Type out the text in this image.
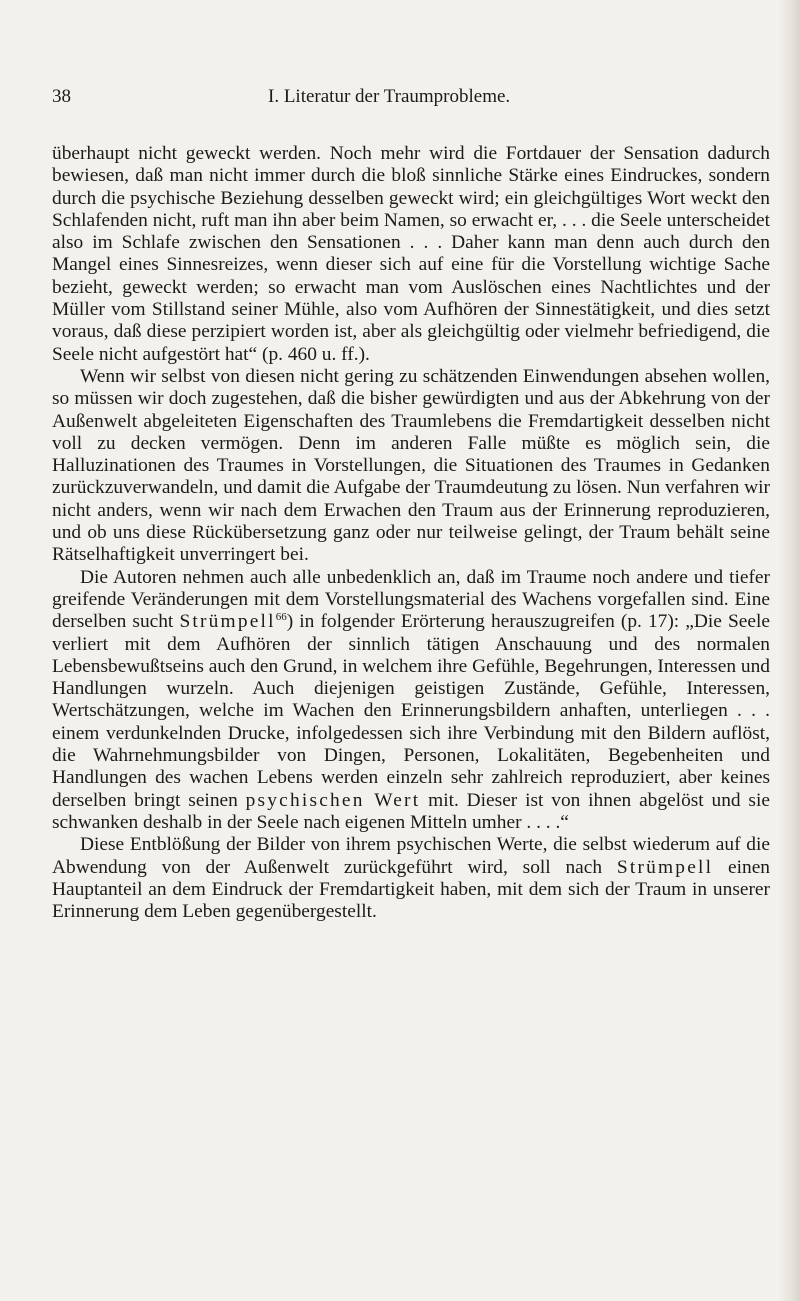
38	I. Literatur der Traumprobleme.

überhaupt nicht geweckt werden. Noch mehr wird die Fortdauer der Sensation dadurch bewiesen, daß man nicht immer durch die bloß sinnliche Stärke eines Eindruckes, sondern durch die psychische Beziehung desselben geweckt wird; ein gleichgültiges Wort weckt den Schlafenden nicht, ruft man ihn aber beim Namen, so erwacht er, . . . die Seele unterscheidet also im Schlafe zwischen den Sensationen . . . Daher kann man denn auch durch den Mangel eines Sinnesreizes, wenn dieser sich auf eine für die Vorstellung wichtige Sache bezieht, geweckt werden; so erwacht man vom Auslöschen eines Nachtlichtes und der Müller vom Stillstand seiner Mühle, also vom Aufhören der Sinnestätigkeit, und dies setzt voraus, daß diese perzipiert worden ist, aber als gleichgültig oder vielmehr befriedigend, die Seele nicht aufgestört hat“ (p. 460 u. ff.).

Wenn wir selbst von diesen nicht gering zu schätzenden Einwendungen absehen wollen, so müssen wir doch zugestehen, daß die bisher gewürdigten und aus der Abkehrung von der Außenwelt abgeleiteten Eigenschaften des Traumlebens die Fremdartigkeit desselben nicht voll zu decken vermögen. Denn im anderen Falle müßte es möglich sein, die Halluzinationen des Traumes in Vorstellungen, die Situationen des Traumes in Gedanken zurückzuverwandeln, und damit die Aufgabe der Traumdeutung zu lösen. Nun verfahren wir nicht anders, wenn wir nach dem Erwachen den Traum aus der Erinnerung reproduzieren, und ob uns diese Rückübersetzung ganz oder nur teilweise gelingt, der Traum behält seine Rätselhaftigkeit unverringert bei.

Die Autoren nehmen auch alle unbedenklich an, daß im Traume noch andere und tiefer greifende Veränderungen mit dem Vorstellungsmaterial des Wachens vorgefallen sind. Eine derselben sucht Strümpell$^{66}$) in folgender Erörterung herauszugreifen (p. 17): „Die Seele verliert mit dem Aufhören der sinnlich tätigen Anschauung und des normalen Lebensbewußtseins auch den Grund, in welchem ihre Gefühle, Begehrungen, Interessen und Handlungen wurzeln. Auch diejenigen geistigen Zustände, Gefühle, Interessen, Wertschätzungen, welche im Wachen den Erinnerungsbildern anhaften, unterliegen . . . einem verdunkelnden Drucke, infolgedessen sich ihre Verbindung mit den Bildern auflöst, die Wahrnehmungsbilder von Dingen, Personen, Lokalitäten, Begebenheiten und Handlungen des wachen Lebens werden einzeln sehr zahlreich reproduziert, aber keines derselben bringt seinen psychischen Wert mit. Dieser ist von ihnen abgelöst und sie schwanken deshalb in der Seele nach eigenen Mitteln umher . . . .“

Diese Entblößung der Bilder von ihrem psychischen Werte, die selbst wiederum auf die Abwendung von der Außenwelt zurückgeführt wird, soll nach Strümpell einen Hauptanteil an dem Eindruck der Fremdartigkeit haben, mit dem sich der Traum in unserer Erinnerung dem Leben gegenübergestellt.
